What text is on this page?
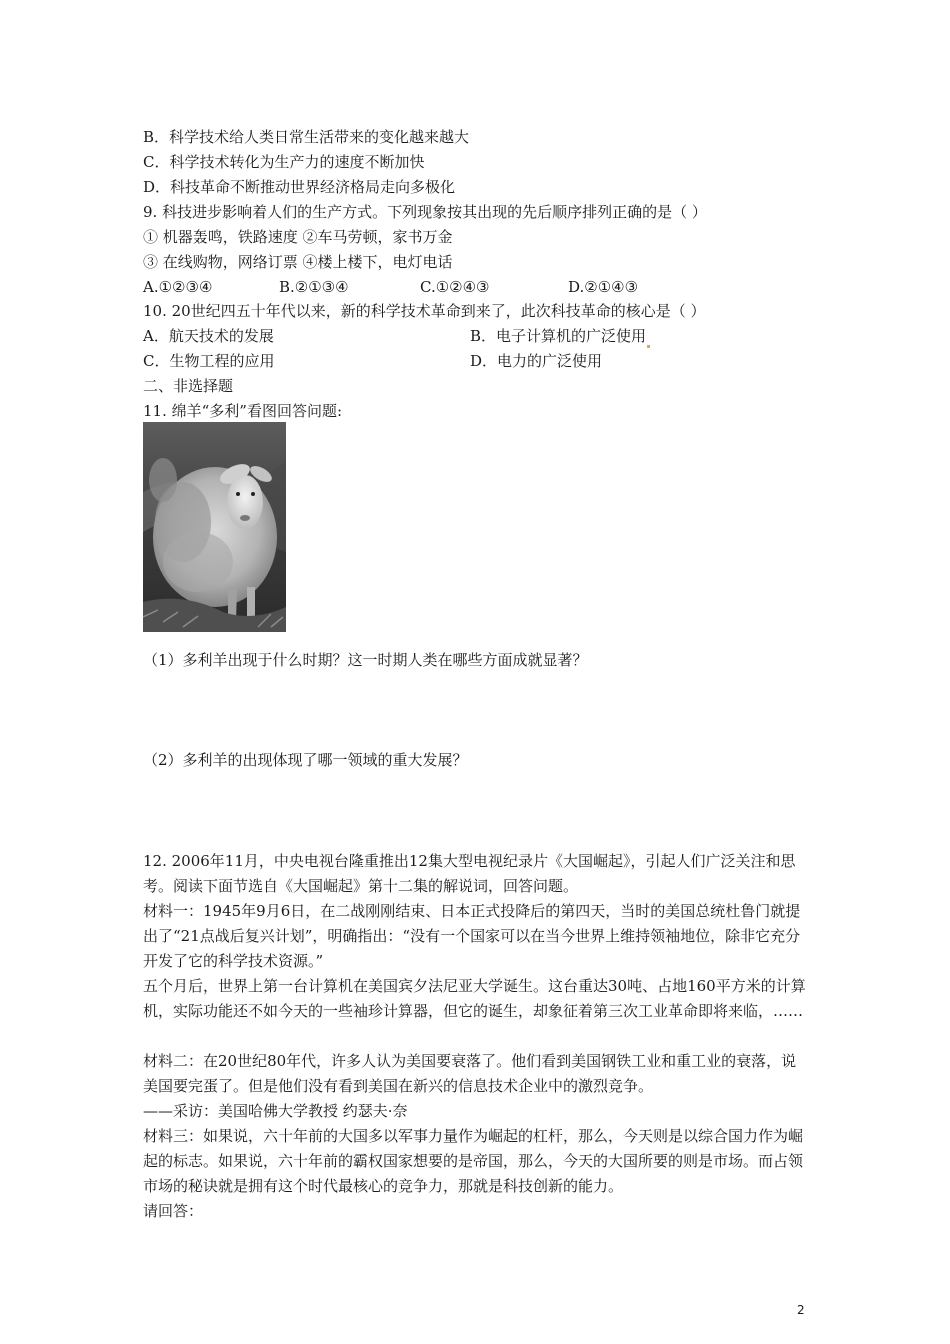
B．科学技术给人类日常生活带来的变化越来越大
C．科学技术转化为生产力的速度不断加快
D．科技革命不断推动世界经济格局走向多极化
9. 科技进步影响着人们的生产方式。下列现象按其出现的先后顺序排列正确的是（ ）
① 机器轰鸣，铁路速度 ②车马劳顿，家书万金
③ 在线购物，网络订票 ④楼上楼下，电灯电话
A.①②③④	B.②①③④	C.①②④③	D.②①④③
10. 20世纪四五十年代以来，新的科学技术革命到来了，此次科技革命的核心是（ ）
A．航天技术的发展	B．电子计算机的广泛使用
C．生物工程的应用	D．电力的广泛使用
二、非选择题
11. 绵羊“多利”看图回答问题:
（1）多利羊出现于什么时期？这一时期人类在哪些方面成就显著？
（2）多利羊的出现体现了哪一领域的重大发展？
12. 2006年11月，中央电视台隆重推出12集大型电视纪录片《大国崛起》，引起人们广泛关注和思考。阅读下面节选自《大国崛起》第十二集的解说词，回答问题。
材料一：1945年9月6日，在二战刚刚结束、日本正式投降后的第四天，当时的美国总统杜鲁门就提出了“21点战后复兴计划”，明确指出：“没有一个国家可以在当今世界上维持领袖地位，除非它充分开发了它的科学技术资源。”
五个月后，世界上第一台计算机在美国宾夕法尼亚大学诞生。这台重达30吨、占地160平方米的计算机，实际功能还不如今天的一些袖珍计算器，但它的诞生，却象征着第三次工业革命即将来临，……
材料二：在20世纪80年代，许多人认为美国要衰落了。他们看到美国钢铁工业和重工业的衰落，说美国要完蛋了。但是他们没有看到美国在新兴的信息技术企业中的激烈竞争。
——采访：美国哈佛大学教授 约瑟夫·奈
材料三：如果说，六十年前的大国多以军事力量作为崛起的杠杆，那么，今天则是以综合国力作为崛起的标志。如果说，六十年前的霸权国家想要的是帝国，那么，今天的大国所要的则是市场。而占领市场的秘诀就是拥有这个时代最核心的竞争力，那就是科技创新的能力。
请回答：
2
